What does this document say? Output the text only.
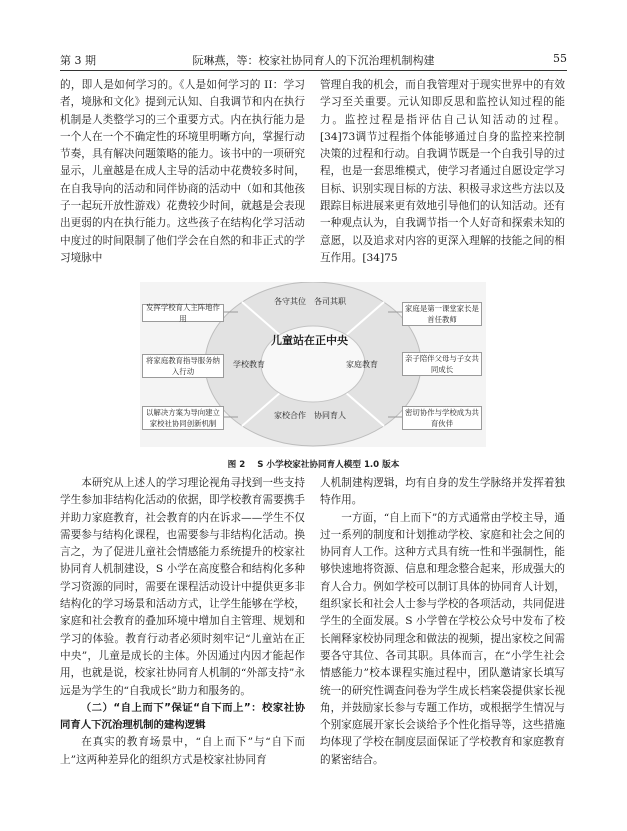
第 3 期	阮琳燕，等：校家社协同育人的下沉治理机制构建	55

的，即人是如何学习的。《人是如何学习的 II：学习者，境脉和文化》提到元认知、自我调节和内在执行机制是人类整学习的三个重要方式。内在执行能力是一个人在一个不确定性的环境里明晰方向，掌握行动节奏，具有解决问题策略的能力。该书中的一项研究显示，儿童越是在成人主导的活动中花费较多时间，在自我导向的活动和同伴协商的活动中（如和其他孩子一起玩开放性游戏）花费较少时间，就越是会表现出更弱的内在执行能力。这些孩子在结构化学习活动中度过的时间限制了他们学会在自然的和非正式的学习境脉中

管理自我的机会，而自我管理对于现实世界中的有效学习至关重要。元认知即反思和监控认知过程的能力。监控过程是指评估自己认知活动的过程。[34]73调节过程指个体能够通过自身的监控来控制决策的过程和行动。自我调节既是一个自我引导的过程，也是一套思维模式，使学习者通过自愿设定学习目标、识别实现目标的方法、积极寻求这些方法以及跟踪目标进展来更有效地引导他们的认知活动。还有一种观点认为，自我调节指一个人好奇和探索未知的意愿，以及追求对内容的更深入理解的技能之间的相互作用。[34]75

发挥学校育人主阵地作用
将家庭教育指导服务纳入行动
以解决方案为导向建立家校社协同创新机制
家庭是第一课堂家长是首任教师
亲子陪伴父母与子女共同成长
密切协作与学校成为共育伙伴
各守其位　各司其职
家校合作　协同育人
学校教育	家庭教育
儿童站在正中央
图 2 S 小学校家社协同育人模型 1.0 版本

本研究从上述人的学习理论视角寻找到一些支持学生参加非结构化活动的依据，即学校教育需要携手并助力家庭教育，社会教育的内在诉求——学生不仅需要参与结构化课程，也需要参与非结构化活动。换言之，为了促进儿童社会情感能力系统提升的校家社协同育人机制建设，S 小学在高度整合和结构化多种学习资源的同时，需要在课程活动设计中提供更多非结构化的学习场景和活动方式，让学生能够在学校，家庭和社会教育的叠加环境中增加自主管理、规划和学习的体验。教育行动者必须时刻牢记“儿童站在正中央”，儿童是成长的主体。外因通过内因才能起作用，也就是说，校家社协同育人机制的“外部支持”永远是为学生的“自我成长”助力和服务的。

（二）“自上而下”保证“自下而上”：校家社协同育人下沉治理机制的建构逻辑

在真实的教育场景中，“自上而下”与“自下而上”这两种差异化的组织方式是校家社协同育

人机制建构逻辑，均有自身的发生学脉络并发挥着独特作用。

一方面，“自上而下”的方式通常由学校主导，通过一系列的制度和计划推动学校、家庭和社会之间的协同育人工作。这种方式具有统一性和半强制性，能够快速地将资源、信息和理念整合起来，形成强大的育人合力。例如学校可以制订具体的协同育人计划，组织家长和社会人士参与学校的各项活动，共同促进学生的全面发展。S 小学曾在学校公众号中发布了校长阐释家校协同理念和做法的视频，提出家校之间需要各守其位、各司其职。具体而言，在“小学生社会情感能力”校本课程实施过程中，团队邀请家长填写统一的研究性调查问卷为学生成长档案袋提供家长视角，并鼓励家长参与专题工作坊，或根据学生情况与个别家庭展开家长会谈给予个性化指导等，这些措施均体现了学校在制度层面保证了学校教育和家庭教育的紧密结合。
